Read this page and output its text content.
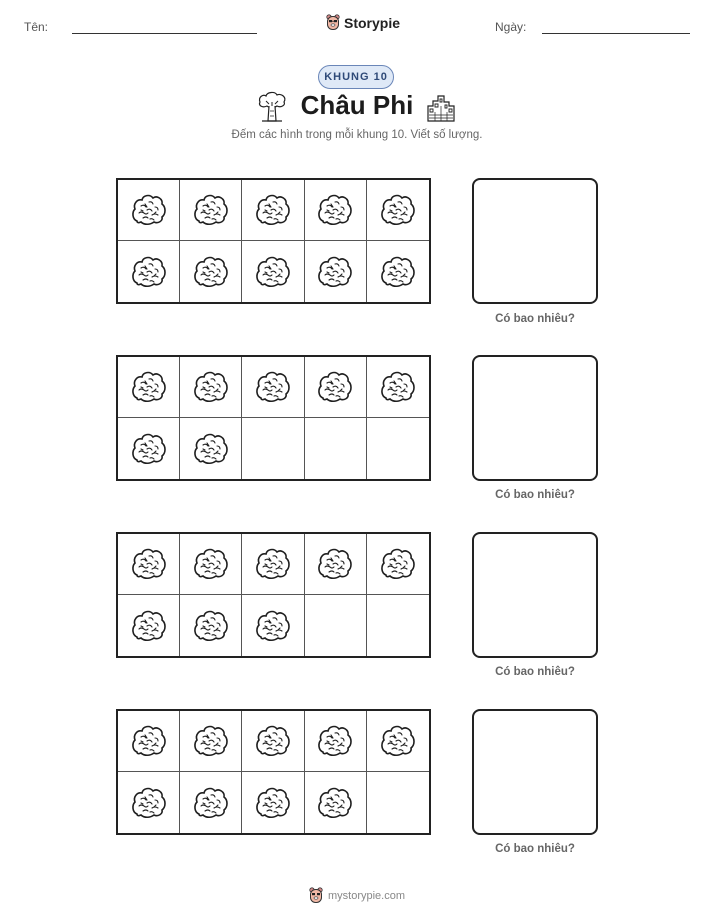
Tên:	Storypie	Ngày:
KHUNG 10
Châu Phi
Đếm các hình trong mỗi khung 10. Viết số lượng.
Có bao nhiêu?
Có bao nhiêu?
Có bao nhiêu?
Có bao nhiêu?
mystorypie.com
